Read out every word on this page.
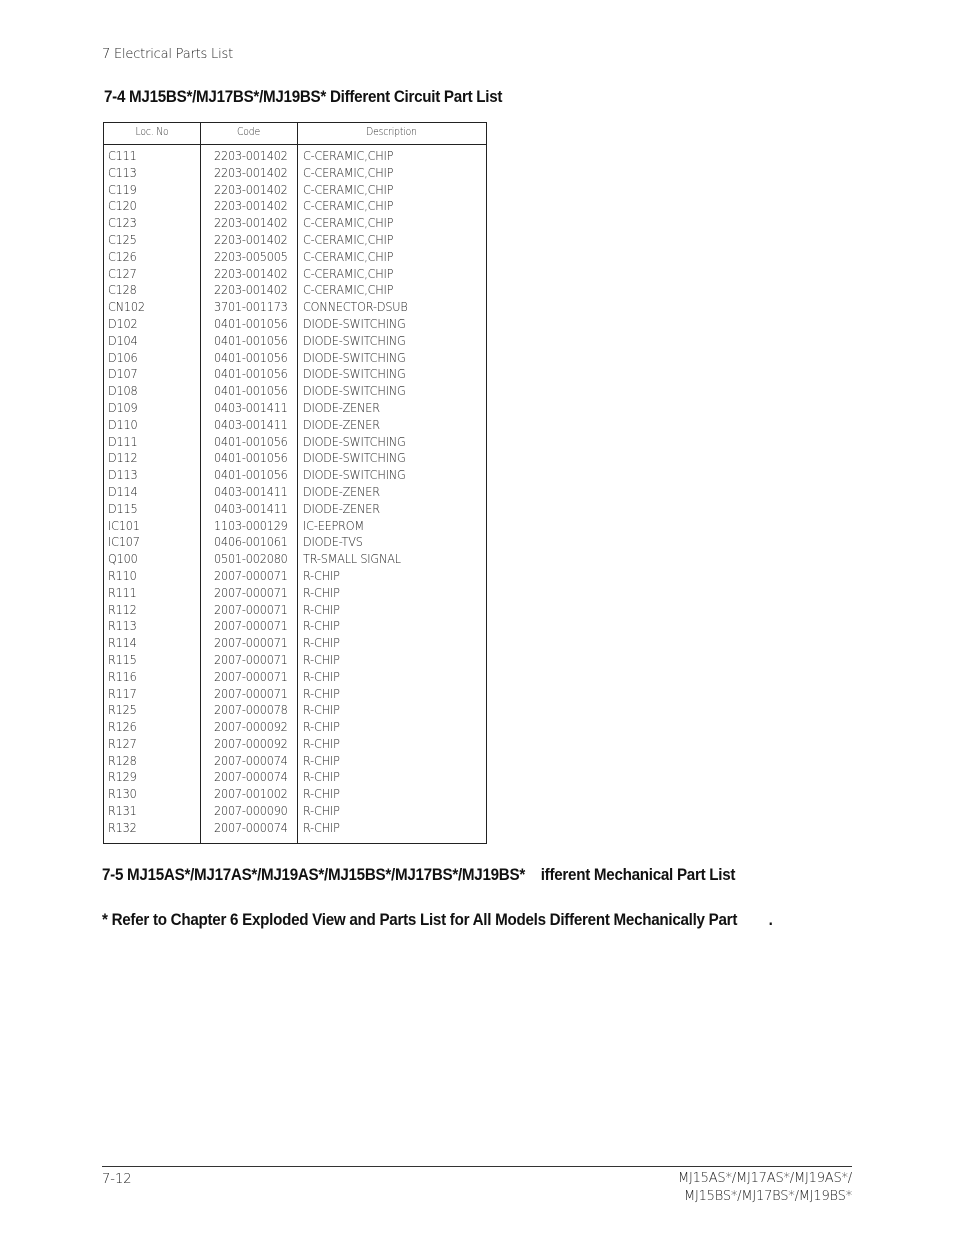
7 Electrical Parts List
7-4 MJ15BS*/MJ17BS*/MJ19BS* Different Circuit Part List
Loc. No	Code	Description
C111	2203-001402 C-CERAMIC,CHIP
C113	2203-001402 C-CERAMIC,CHIP
C119	2203-001402 C-CERAMIC,CHIP
C120	2203-001402 C-CERAMIC,CHIP
C123	2203-001402 C-CERAMIC,CHIP
C125	2203-001402 C-CERAMIC,CHIP
C126	2203-005005 C-CERAMIC,CHIP
C127	2203-001402 C-CERAMIC,CHIP
C128	2203-001402 C-CERAMIC,CHIP
CN102	3701-001173 CONNECTOR-DSUB
D102	0401-001056 DIODE-SWITCHING
D104	0401-001056 DIODE-SWITCHING
D106	0401-001056 DIODE-SWITCHING
D107	0401-001056 DIODE-SWITCHING
D108	0401-001056 DIODE-SWITCHING
D109	0403-001411 DIODE-ZENER
D110	0403-001411 DIODE-ZENER
D111	0401-001056 DIODE-SWITCHING
D112	0401-001056 DIODE-SWITCHING
D113	0401-001056 DIODE-SWITCHING
D114	0403-001411 DIODE-ZENER
D115	0403-001411 DIODE-ZENER
IC101	1103-000129 IC-EEPROM
IC107	0406-001061 DIODE-TVS
Q100	0501-002080 TR-SMALL SIGNAL
R110	2007-000071 R-CHIP
R111	2007-000071 R-CHIP
R112	2007-000071 R-CHIP
R113	2007-000071 R-CHIP
R114	2007-000071 R-CHIP
R115	2007-000071 R-CHIP
R116	2007-000071 R-CHIP
R117	2007-000071 R-CHIP
R125	2007-000078 R-CHIP
R126	2007-000092 R-CHIP
R127	2007-000092 R-CHIP
R128	2007-000074 R-CHIP
R129	2007-000074 R-CHIP
R130	2007-001002 R-CHIP
R131	2007-000090 R-CHIP
R132	2007-000074 R-CHIP
7-5 MJ15AS*/MJ17AS*/MJ19AS*/MJ15BS*/MJ17BS*/MJ19BS*    ifferent Mechanical Part List
* Refer to Chapter 6 Exploded View and Parts List for All Models Different Mechanically Part        .
7-12	MJ15AS*/MJ17AS*/MJ19AS*/
MJ15BS*/MJ17BS*/MJ19BS*
